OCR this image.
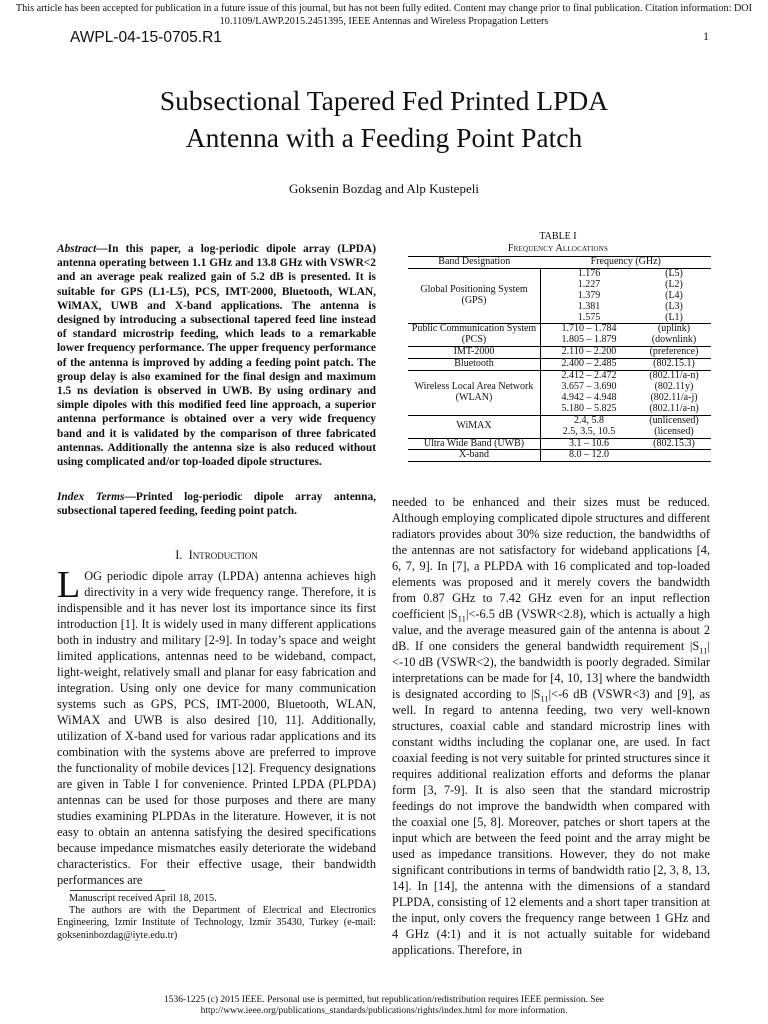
This article has been accepted for publication in a future issue of this journal, but has not been fully edited. Content may change prior to final publication. Citation information: DOI
10.1109/LAWP.2015.2451395, IEEE Antennas and Wireless Propagation Letters
AWPL-04-15-0705.R1	1
Subsectional Tapered Fed Printed LPDA
Antenna with a Feeding Point Patch
Goksenin Bozdag and Alp Kustepeli
Abstract—In this paper, a log-periodic dipole array (LPDA) antenna operating between 1.1 GHz and 13.8 GHz with VSWR<2 and an average peak realized gain of 5.2 dB is presented. It is suitable for GPS (L1-L5), PCS, IMT-2000, Bluetooth, WLAN, WiMAX, UWB and X-band applications. The antenna is designed by introducing a subsectional tapered feed line instead of standard microstrip feeding, which leads to a remarkable lower frequency performance. The upper frequency performance of the antenna is improved by adding a feeding point patch. The group delay is also examined for the final design and maximum 1.5 ns deviation is observed in UWB. By using ordinary and simple dipoles with this modified feed line approach, a superior antenna performance is obtained over a very wide frequency band and it is validated by the comparison of three fabricated antennas. Additionally the antenna size is also reduced without using complicated and/or top-loaded dipole structures.
Index Terms—Printed log-periodic dipole array antenna, subsectional tapered feeding, feeding point patch.
I. Introduction
LOG periodic dipole array (LPDA) antenna achieves high directivity in a very wide frequency range. Therefore, it is indispensible and it has never lost its importance since its first introduction [1]. It is widely used in many different applications both in industry and military [2-9]. In today’s space and weight limited applications, antennas need to be wideband, compact, light-weight, relatively small and planar for easy fabrication and integration. Using only one device for many communication systems such as GPS, PCS, IMT-2000, Bluetooth, WLAN, WiMAX and UWB is also desired [10, 11]. Additionally, utilization of X-band used for various radar applications and its combination with the systems above are preferred to improve the functionality of mobile devices [12]. Frequency designations are given in Table I for convenience. Printed LPDA (PLPDA) antennas can be used for those purposes and there are many studies examining PLPDAs in the literature. However, it is not easy to obtain an antenna satisfying the desired specifications because impedance mismatches easily deteriorate the wideband characteristics. For their effective usage, their bandwidth performances are
Manuscript received April 18, 2015.
The authors are with the Department of Electrical and Electronics Engineering, Izmir Institute of Technology, Izmir 35430, Turkey (e-mail: gokseninbozdag@iyte.edu.tr)
needed to be enhanced and their sizes must be reduced. Although employing complicated dipole structures and different radiators provides about 30% size reduction, the bandwidths of the antennas are not satisfactory for wideband applications [4, 6, 7, 9]. In [7], a PLPDA with 16 complicated and top-loaded elements was proposed and it merely covers the bandwidth from 0.87 GHz to 7.42 GHz even for an input reflection coefficient $|S_{11}|<-6.5$ dB (VSWR<2.8), which is actually a high value, and the average measured gain of the antenna is about 2 dB. If one considers the general bandwidth requirement $|S_{11}|<-10$ dB (VSWR<2), the bandwidth is poorly degraded. Similar interpretations can be made for [4, 10, 13] where the bandwidth is designated according to $|S_{11}|<-6$ dB (VSWR<3) and [9], as well. In regard to antenna feeding, two very well-known structures, coaxial cable and standard microstrip lines with constant widths including the coplanar one, are used. In fact coaxial feeding is not very suitable for printed structures since it requires additional realization efforts and deforms the planar form [3, 7-9]. It is also seen that the standard microstrip feedings do not improve the bandwidth when compared with the coaxial one [5, 8]. Moreover, patches or short tapers at the input which are between the feed point and the array might be used as impedance transitions. However, they do not make significant contributions in terms of bandwidth ratio [2, 3, 8, 13, 14]. In [14], the antenna with the dimensions of a standard PLPDA, consisting of 12 elements and a short taper transition at the input, only covers the frequency range between 1 GHz and 4 GHz (4:1) and it is not actually suitable for wideband applications. Therefore, in
TABLE I
Frequency Allocations
Band Designation	Frequency (GHz)	
Global Positioning System (GPS)	1.176	(L5)
	1.227	(L2)
	1.379	(L4)
	1.381	(L3)
	1.575	(L1)
Public Communication System (PCS)	1.710 – 1.784	(uplink)
	1.805 – 1.879	(downlink)
IMT-2000	2.110 – 2.200	(preference)
Bluetooth	2.400 – 2.485	(802.15.1)
Wireless Local Area Network (WLAN)	2.412 – 2.472	(802.11/a-n)
	3.657 – 3.690	(802.11y)
	4.942 – 4.948	(802.11/a-j)
	5.180 – 5.825	(802.11/a-n)
WiMAX	2.4, 5.8	(unlicensed)
	2.5, 3.5, 10.5	(licensed)
Ultra Wide Band (UWB)	3.1 – 10.6	(802.15.3)
X-band	8.0 – 12.0	
1536-1225 (c) 2015 IEEE. Personal use is permitted, but republication/redistribution requires IEEE permission. See
http://www.ieee.org/publications_standards/publications/rights/index.html for more information.
